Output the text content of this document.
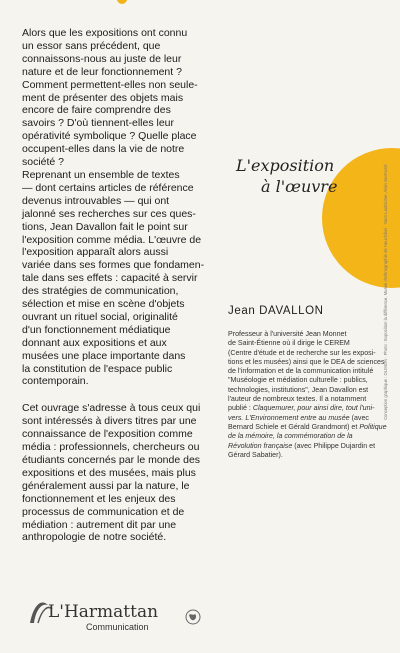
Alors que les expositions ont connu
un essor sans précédent, que
connaissons-nous au juste de leur
nature et de leur fonctionnement ?
Comment permettent-elles non seule-
ment de présenter des objets mais
encore de faire comprendre des
savoirs ? D'où tiennent-elles leur
opérativité symbolique ? Quelle place
occupent-elles dans la vie de notre
société ?
Reprenant un ensemble de textes
— dont certains articles de référence
devenus introuvables — qui ont
jalonné ses recherches sur ces ques-
tions, Jean Davallon fait le point sur
l'exposition comme média. L'œuvre de
l'exposition apparaît alors aussi
variée dans ses formes que fondamen-
tale dans ses effets : capacité à servir
des stratégies de communication,
sélection et mise en scène d'objets
ouvrant un rituel social, originalité
d'un fonctionnement médiatique
donnant aux expositions et aux
musées une place importante dans
la constitution de l'espace public
contemporain.

Cet ouvrage s'adresse à tous ceux qui
sont intéressés à divers titres par une
connaissance de l'exposition comme
média : professionnels, chercheurs ou
étudiants concernés par le monde des
expositions et des musées, mais plus
généralement aussi par la nature, le
fonctionnement et les enjeux des
processus de communication et de
médiation : autrement dit par une
anthropologie de notre société.

L'exposition
à l'œuvre
Jean DAVALLON
Professeur à l'université Jean Monnet
de Saint-Étienne où il dirige le CEREM
(Centre d'étude et de recherche sur les exposi-
tions et les musées) ainsi que le DEA de sciences
de l'information et de la communication intitulé
"Muséologie et médiation culturelle : publics,
technologies, institutions", Jean Davallon est
l'auteur de nombreux textes. Il a notamment
publié : Claquemurer, pour ainsi dire, tout l'uni-
vers. L'Environnement entre au musée (avec
Bernard Schiele et Gérald Grandmont) et Politique
de la mémoire, la commémoration de la
Révolution française (avec Philippe Dujardin et
Gérard Sabatier).
Conception graphique : OLIMON · Photo : Exposition la différence, Musée d'ethnographie de Neuchâtel · Yann Laubscher, Alain Germond
L'Harmattan
Communication
